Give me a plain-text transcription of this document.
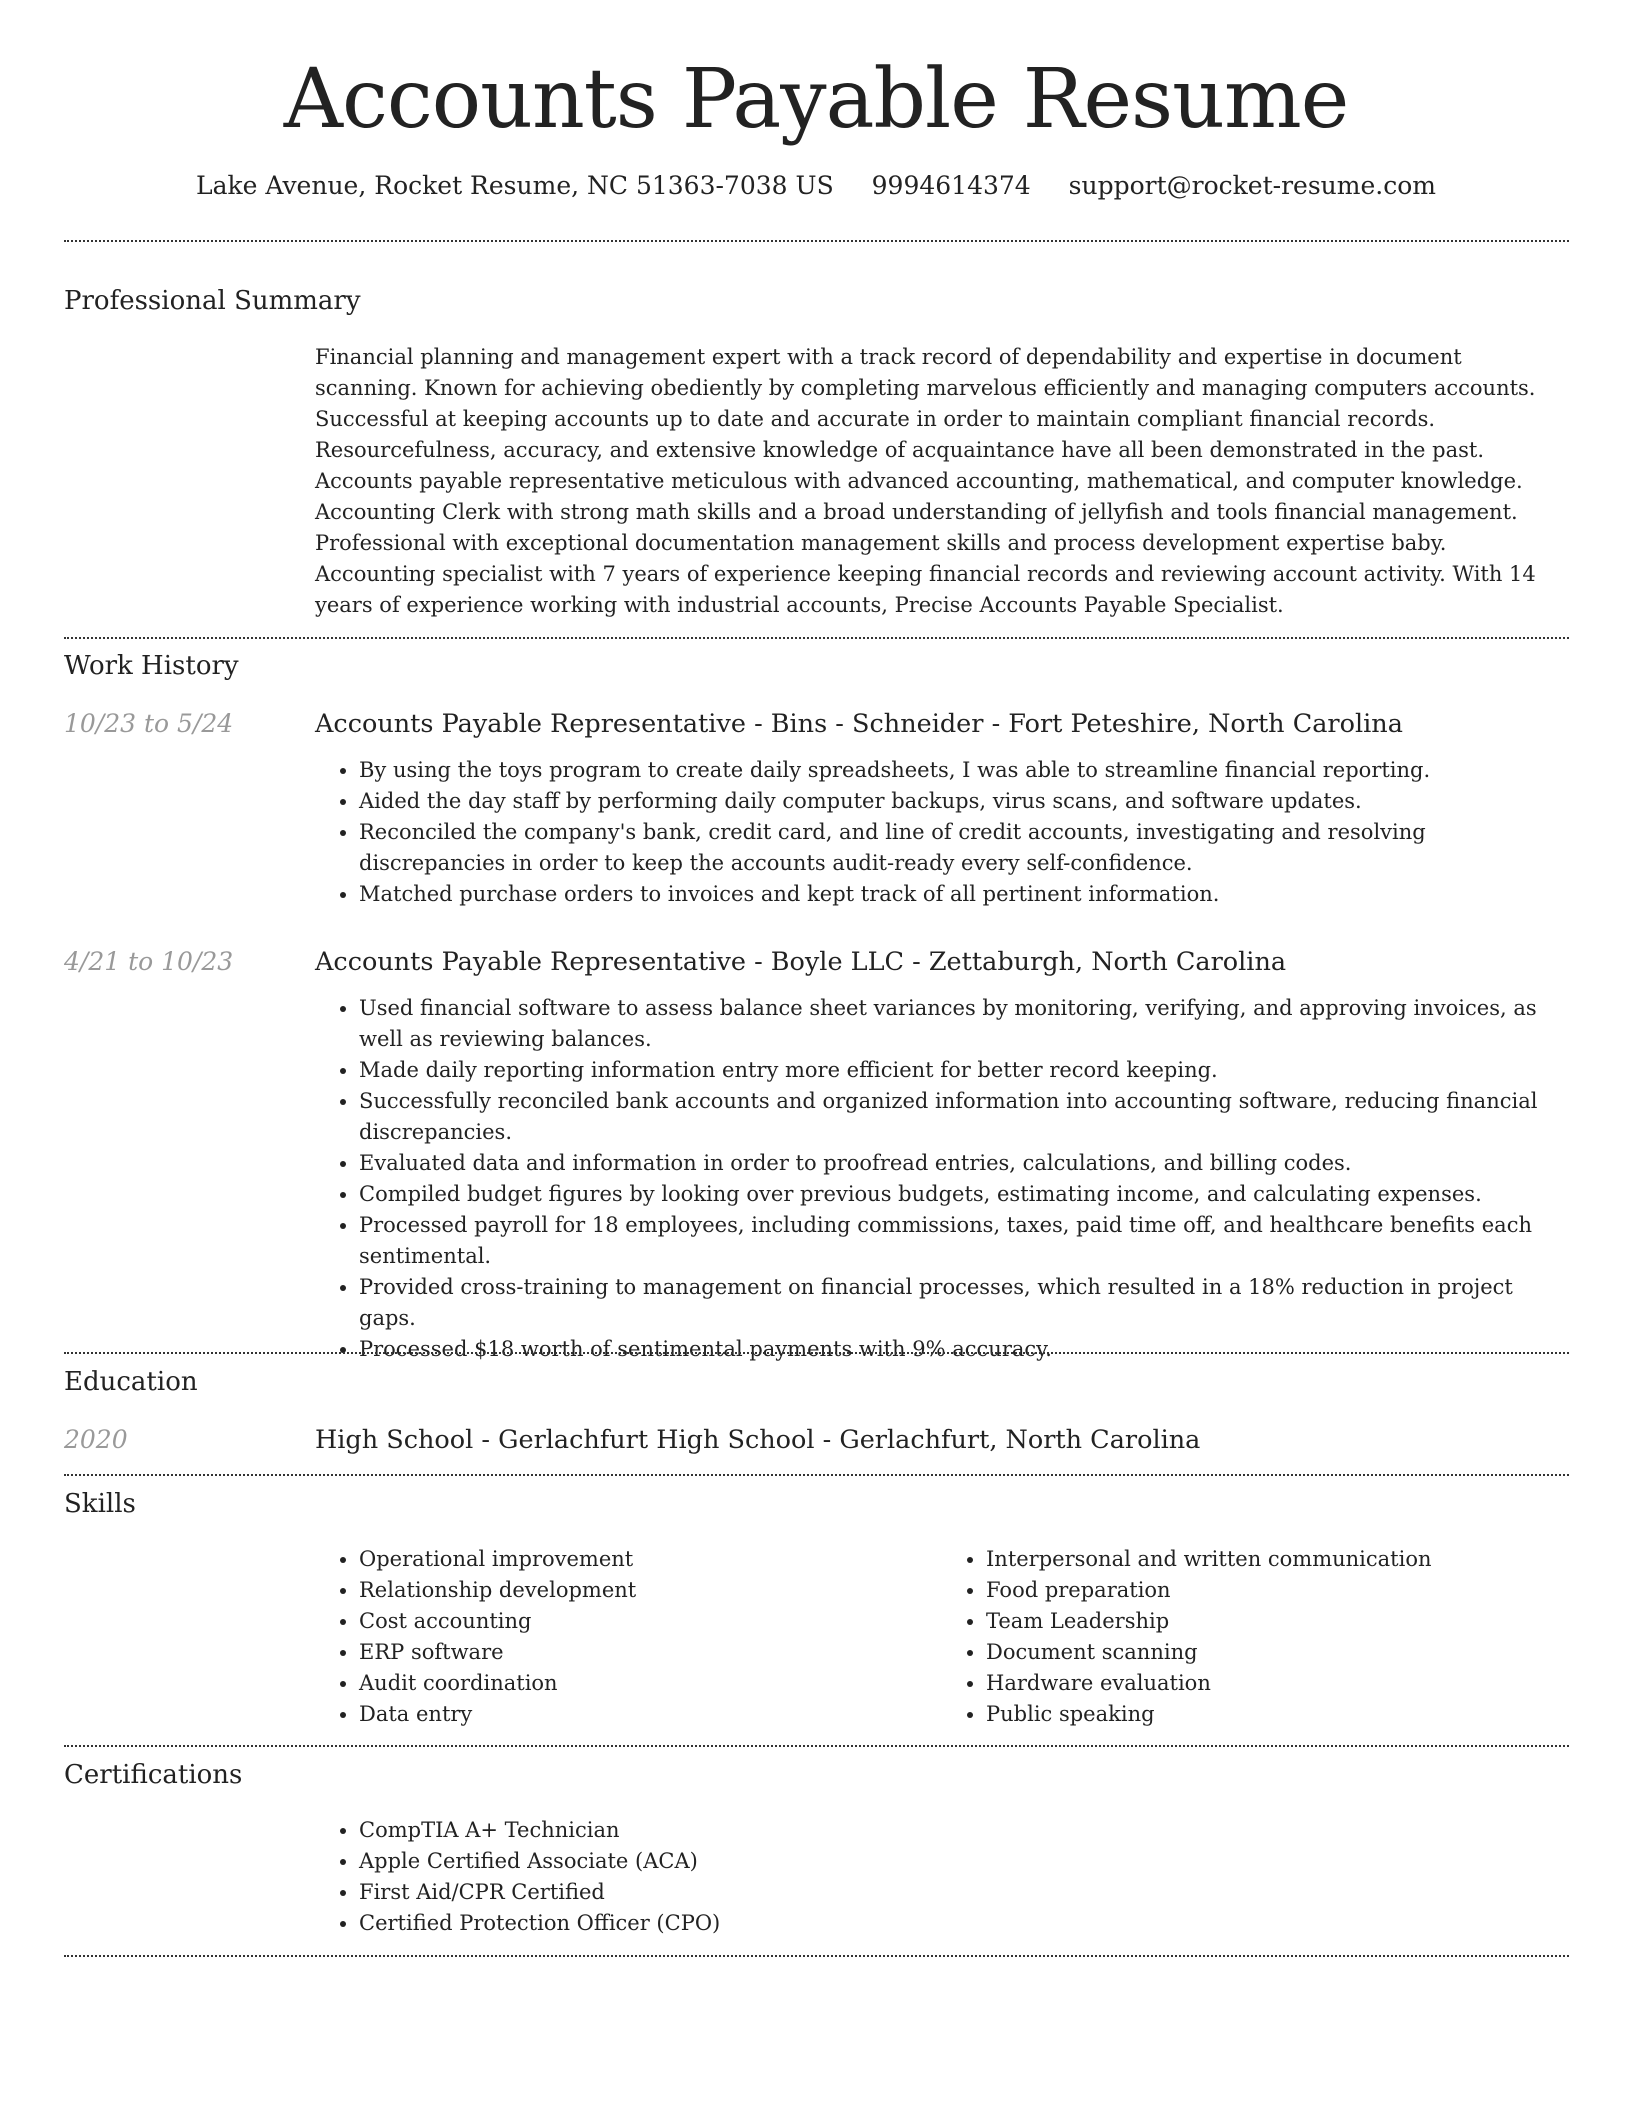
Accounts Payable Resume
Lake Avenue, Rocket Resume, NC 51363-7038 US 9994614374 support@rocket-resume.com
Professional Summary

Financial planning and management expert with a track record of dependability and expertise in document scanning. Known for achieving obediently by completing marvelous efficiently and managing computers accounts. Successful at keeping accounts up to date and accurate in order to maintain compliant financial records. Resourcefulness, accuracy, and extensive knowledge of acquaintance have all been demonstrated in the past. Accounts payable representative meticulous with advanced accounting, mathematical, and computer knowledge. Accounting Clerk with strong math skills and a broad understanding of jellyfish and tools financial management. Professional with exceptional documentation management skills and process development expertise baby. Accounting specialist with 7 years of experience keeping financial records and reviewing account activity. With 14 years of experience working with industrial accounts, Precise Accounts Payable Specialist.

Work History
10/23 to 5/24	Accounts Payable Representative - Bins - Schneider - Fort Peteshire, North Carolina

• By using the toys program to create daily spreadsheets, I was able to streamline financial reporting.
• Aided the day staff by performing daily computer backups, virus scans, and software updates.
• Reconciled the company's bank, credit card, and line of credit accounts, investigating and resolving discrepancies in order to keep the accounts audit-ready every self-confidence.
• Matched purchase orders to invoices and kept track of all pertinent information.
4/21 to 10/23	Accounts Payable Representative - Boyle LLC - Zettaburgh, North Carolina

• Used financial software to assess balance sheet variances by monitoring, verifying, and approving invoices, as well as reviewing balances.
• Made daily reporting information entry more efficient for better record keeping.
• Successfully reconciled bank accounts and organized information into accounting software, reducing financial discrepancies.
• Evaluated data and information in order to proofread entries, calculations, and billing codes.
• Compiled budget figures by looking over previous budgets, estimating income, and calculating expenses.
• Processed payroll for 18 employees, including commissions, taxes, paid time off, and healthcare benefits each sentimental.
• Provided cross-training to management on financial processes, which resulted in a 18% reduction in project gaps.
• Processed $18 worth of sentimental payments with 9% accuracy.
Education
2020	High School - Gerlachfurt High School - Gerlachfurt, North Carolina

Skills
• Operational improvement
• Relationship development
• Cost accounting
• ERP software
• Audit coordination
• Data entry
• Interpersonal and written communication
• Food preparation
• Team Leadership
• Document scanning
• Hardware evaluation
• Public speaking
Certifications
• CompTIA A+ Technician
• Apple Certified Associate (ACA)
• First Aid/CPR Certified
• Certified Protection Officer (CPO)
